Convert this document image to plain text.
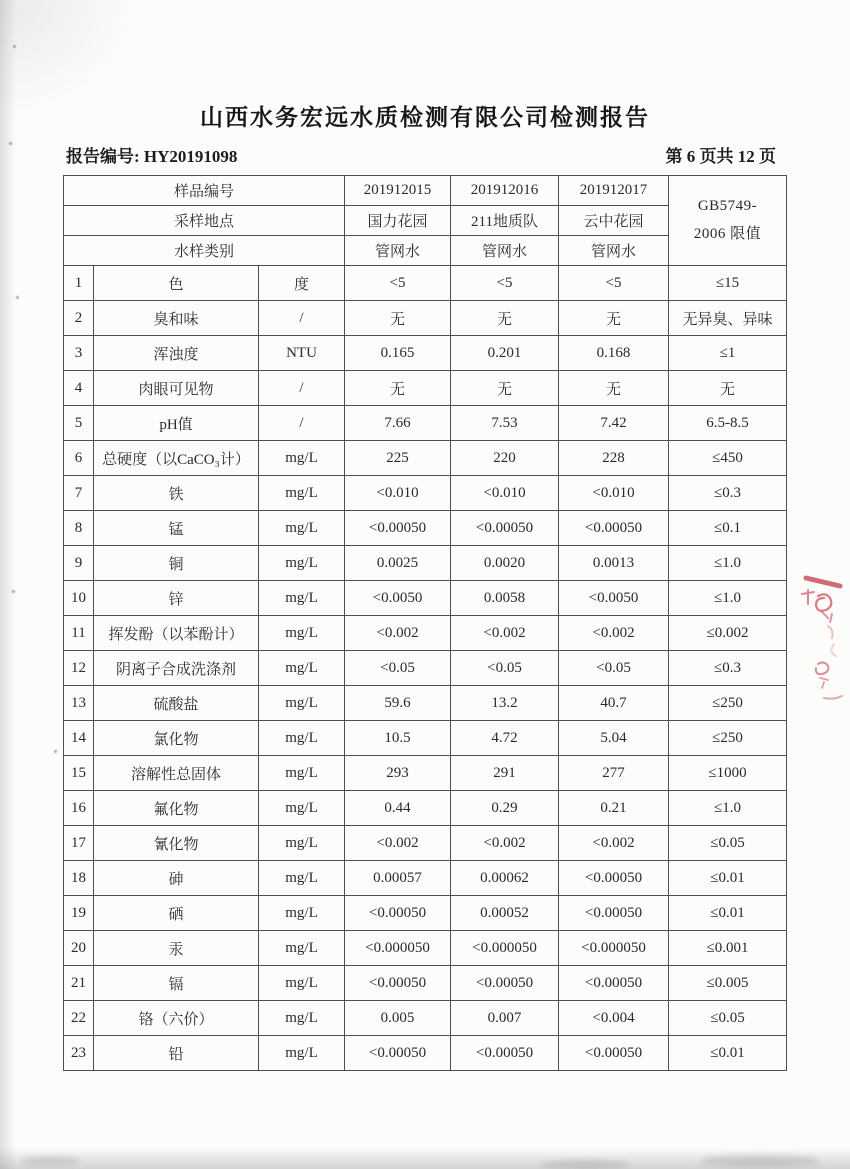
山西水务宏远水质检测有限公司检测报告
报告编号: HY20191098	第 6 页共 12 页
样品编号			201912015	201912016	201912017	GB5749-
2006 限值

采样地点			国力花园	211地质队	云中花园	
水样类别			管网水	管网水	管网水	
1	色	度	<5	<5	<5	≤15
2	臭和味	/	无	无	无	无异臭、异味
3	浑浊度	NTU	0.165	0.201	0.168	≤1
4	肉眼可见物	/	无	无	无	无
5	pH值	/	7.66	7.53	7.42	6.5-8.5
6	总硬度（以CaCO₃计）	mg/L	225	220	228	≤450
7	铁	mg/L	<0.010	<0.010	<0.010	≤0.3
8	锰	mg/L	<0.00050	<0.00050	<0.00050	≤0.1
9	铜	mg/L	0.0025	0.0020	0.0013	≤1.0
10	锌	mg/L	<0.0050	0.0058	<0.0050	≤1.0
11	挥发酚（以苯酚计）	mg/L	<0.002	<0.002	<0.002	≤0.002
12	阴离子合成洗涤剂	mg/L	<0.05	<0.05	<0.05	≤0.3
13	硫酸盐	mg/L	59.6	13.2	40.7	≤250
14	氯化物	mg/L	10.5	4.72	5.04	≤250
15	溶解性总固体	mg/L	293	291	277	≤1000
16	氟化物	mg/L	0.44	0.29	0.21	≤1.0
17	氰化物	mg/L	<0.002	<0.002	<0.002	≤0.05
18	砷	mg/L	0.00057	0.00062	<0.00050	≤0.01
19	硒	mg/L	<0.00050	0.00052	<0.00050	≤0.01
20	汞	mg/L	<0.000050	<0.000050	<0.000050	≤0.001
21	镉	mg/L	<0.00050	<0.00050	<0.00050	≤0.005
22	铬（六价）	mg/L	0.005	0.007	<0.004	≤0.05
23	铅	mg/L	<0.00050	<0.00050	<0.00050	≤0.01
